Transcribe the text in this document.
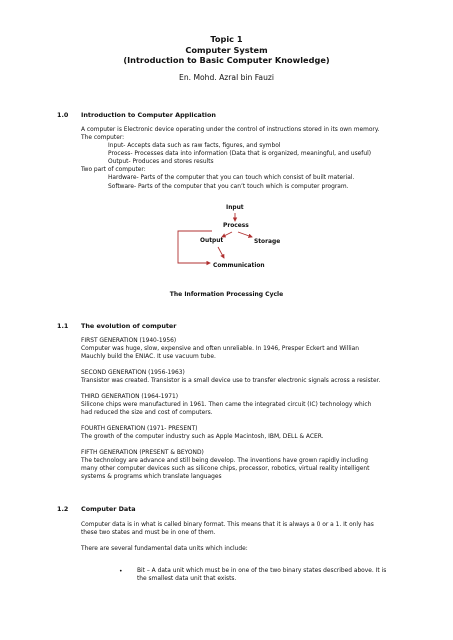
Topic 1
Computer System
(Introduction to Basic Computer Knowledge)
En. Mohd. Azral bin Fauzi
1.0 Introduction to Computer Application
A computer is Electronic device operating under the control of instructions stored in its own memory.
The computer:
Input- Accepts data such as raw facts, figures, and symbol
Process- Processes data into information (Data that is organized, meaningful, and useful)
Output- Produces and stores results
Two part of computer:
Hardware- Parts of the computer that you can touch which consist of built material.
Software- Parts of the computer that you can’t touch which is computer program.
Input
Process
Output	Storage
Communication
The Information Processing Cycle
1.1 The evolution of computer
FIRST GENERATION (1940-1956)
Computer was huge, slow, expensive and often unreliable. In 1946, Presper Eckert and Willian
Mauchly build the ENIAC. It use vacuum tube.
SECOND GENERATION (1956-1963)
Transistor was created. Transistor is a small device use to transfer electronic signals across a resister.
THIRD GENERATION (1964-1971)
Silicone chips were manufactured in 1961. Then came the integrated circuit (IC) technology which
had reduced the size and cost of computers.
FOURTH GENERATION (1971- PRESENT)
The growth of the computer industry such as Apple Macintosh, IBM, DELL & ACER.
FIFTH GENERATION (PRESENT & BEYOND)
The technology are advance and still being develop. The inventions have grown rapidly including
many other computer devices such as silicone chips, processor, robotics, virtual reality intelligent
systems & programs which translate languages
1.2 Computer Data
Computer data is in what is called binary format. This means that it is always a 0 or a 1. It only has
these two states and must be in one of them.
There are several fundamental data units which include:
• Bit – A data unit which must be in one of the two binary states described above. It is
the smallest data unit that exists.
